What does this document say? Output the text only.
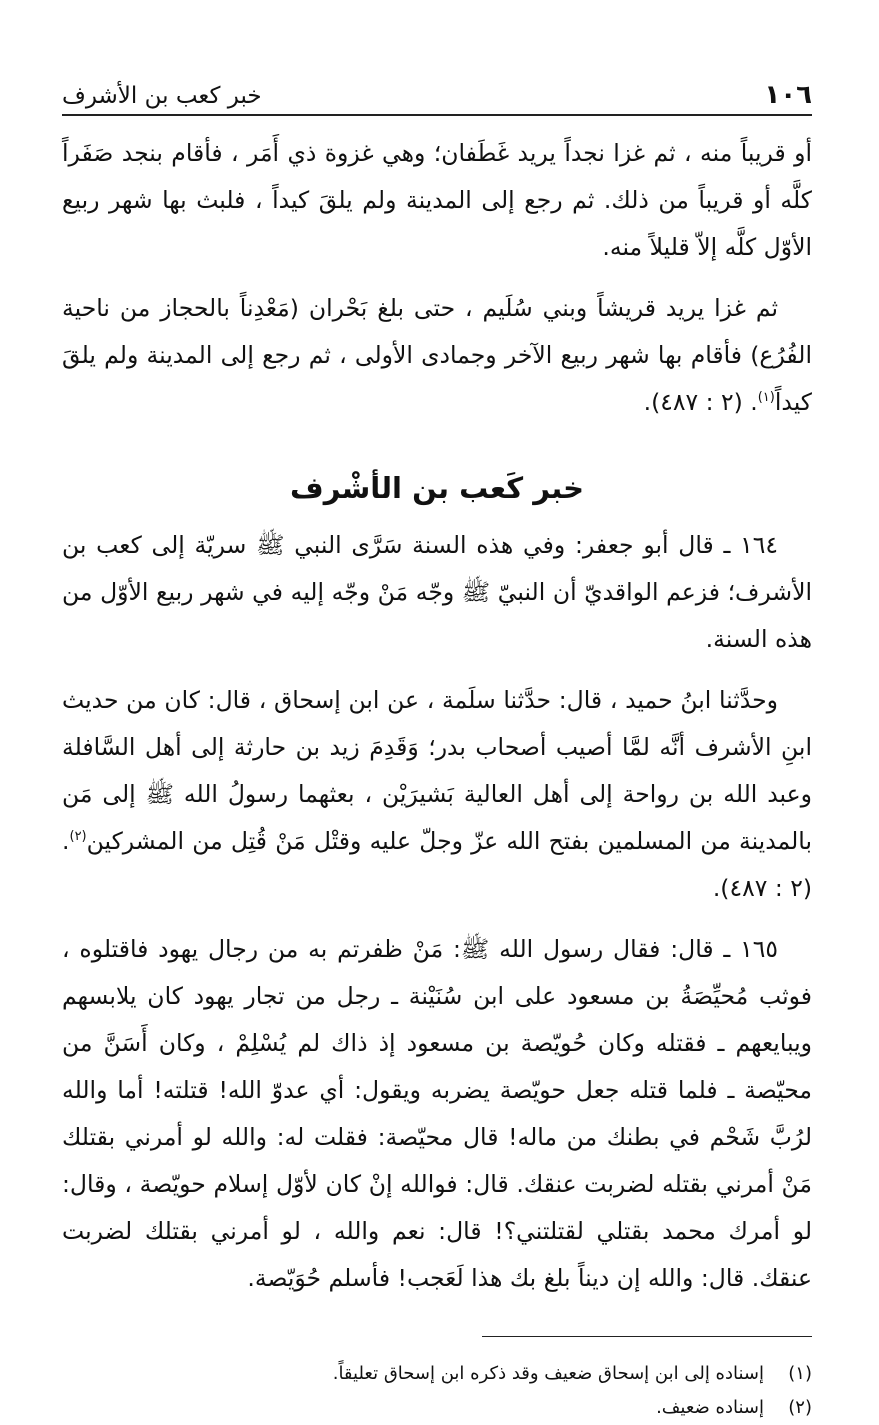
١٠٦
خبر كعب بن الأشرف

أو قريباً منه ، ثم غزا نجداً يريد غَطَفان؛ وهي غزوة ذي أَمَر ، فأقام بنجد صَفَراً كلَّه أو قريباً من ذلك. ثم رجع إلى المدينة ولم يلقَ كيداً ، فلبث بها شهر ربيع الأوّل كلَّه إلاّ قليلاً منه.

ثم غزا يريد قريشاً وبني سُلَيم ، حتى بلغ بَحْران (مَعْدِناً بالحجاز من ناحية الفُرُع) فأقام بها شهر ربيع الآخر وجمادى الأولى ، ثم رجع إلى المدينة ولم يلقَ كيداً$^{(١)}$. (٢ : ٤٨٧).

خبر كَعب بن الأشْرف

١٦٤ ـ قال أبو جعفر: وفي هذه السنة سَرَّى النبي ﷺ سريّة إلى كعب بن الأشرف؛ فزعم الواقديّ أن النبيّ ﷺ وجّه مَنْ وجّه إليه في شهر ربيع الأوّل من هذه السنة.

وحدَّثنا ابنُ حميد ، قال: حدَّثنا سلَمة ، عن ابن إسحاق ، قال: كان من حديث ابنِ الأشرف أنَّه لمَّا أصيب أصحاب بدر؛ وَقَدِمَ زيد بن حارثة إلى أهل السَّافلة وعبد الله بن رواحة إلى أهل العالية بَشيرَيْن ، بعثهما رسولُ الله ﷺ إلى مَن بالمدينة من المسلمين بفتح الله عزّ وجلّ عليه وقتْل مَنْ قُتِل من المشركين$^{(٢)}$. (٢ : ٤٨٧).

١٦٥ ـ قال: فقال رسول الله ﷺ: مَنْ ظفرتم به من رجال يهود فاقتلوه ، فوثب مُحيِّصَةُ بن مسعود على ابن سُنَيْنة ـ رجل من تجار يهود كان يلابسهم ويبايعهم ـ فقتله وكان حُويّصة بن مسعود إذ ذاك لم يُسْلِمْ ، وكان أَسَنَّ من محيّصة ـ فلما قتله جعل حويّصة يضربه ويقول: أي عدوّ الله! قتلته! أما والله لرُبَّ شَحْم في بطنك من ماله! قال محيّصة: فقلت له: والله لو أمرني بقتلك مَنْ أمرني بقتله لضربت عنقك. قال: فوالله إنْ كان لأوّل إسلام حويّصة ، وقال: لو أمرك محمد بقتلي لقتلتني؟! قال: نعم والله ، لو أمرني بقتلك لضربت عنقك. قال: والله إن ديناً بلغ بك هذا لَعَجب! فأسلم حُوَيّصة.

(١)
إسناده إلى ابن إسحاق ضعيف وقد ذكره ابن إسحاق تعليقاً.
(٢)
إسناده ضعيف.
